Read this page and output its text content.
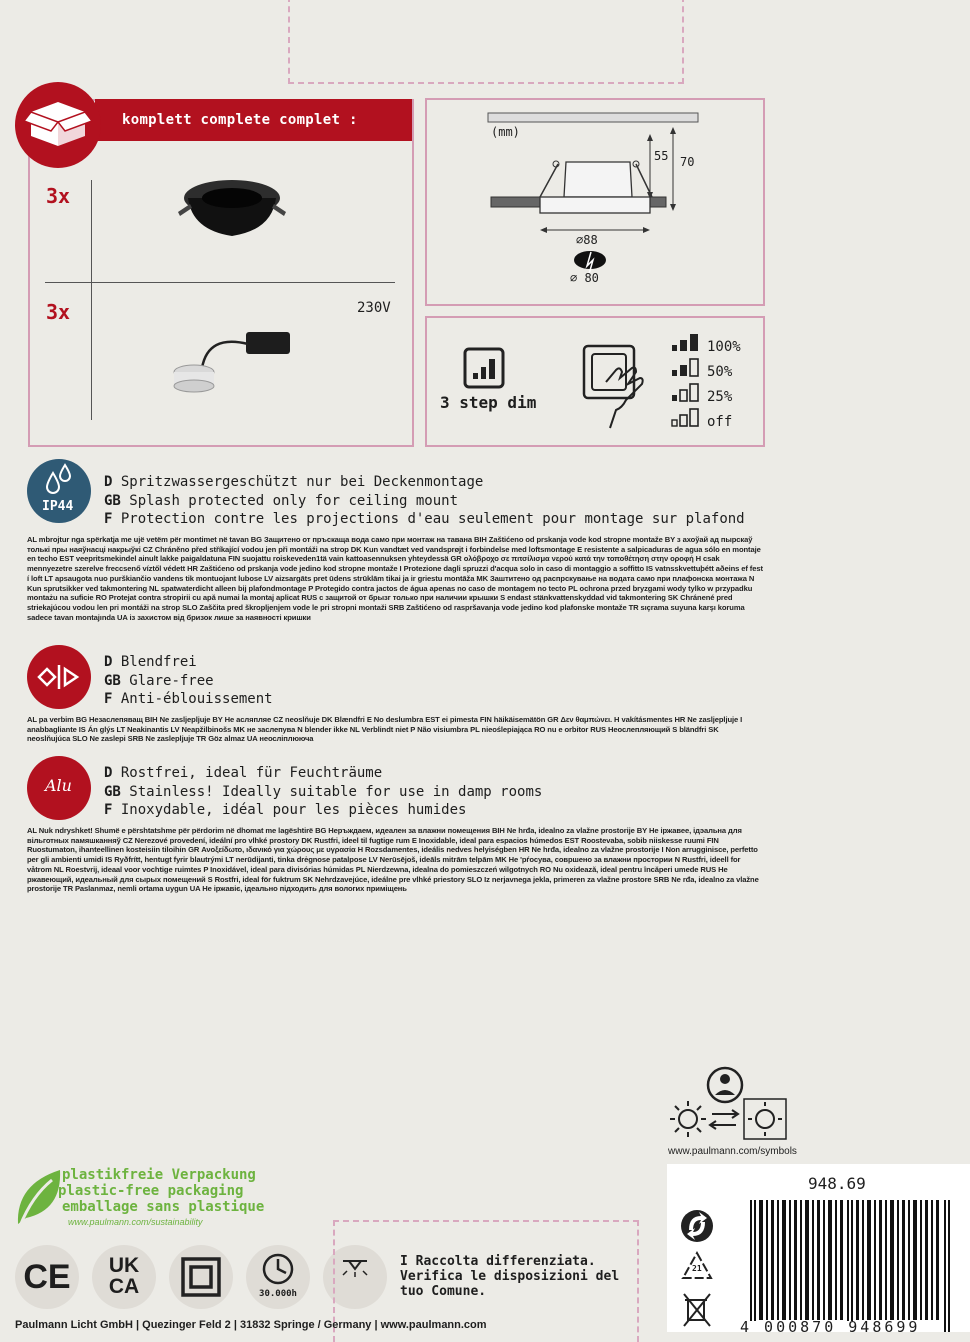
komplett complete complet :
3x
3x	230V
(mm)
55 70
⌀88
⌀ 80
3 step dim
100%
50%
25%
off
IP44
D Spritzwassergeschützt nur bei Deckenmontage
GB Splash protected only for ceiling mount
F Protection contre les projections d'eau seulement pour montage sur plafond
AL mbrojtur nga spërkatja me ujë vetëm për montimet në tavan BG Защитено от пръскаща вода само при монтаж на тавана BIH Zaštićeno od prskanja vode kod stropne montaže BY з ахоўай ад пырскаў толькі пры наяўнасці накрыўкі CZ Chráněno před stříkající vodou jen při montáži na strop DK Kun vandtæt ved vandsprøjt i forbindelse med loftsmontage E resistente a salpicaduras de agua sólo en montaje en techo EST veepritsmekindel ainult lakke paigaldatuna FIN suojattu roiskeveden1tä vain kattoasennuksen yhteydessä GR oλόβροχο σε πιτσίλισμα νερού κατά την τοποθέτηση στην οροφή H csak mennyezetre szerelve freccsenő víztől védett HR Zaštićeno od prskanja vode jedino kod stropne montaže I Protezione dagli spruzzi d'acqua solo in caso di montaggio a soffitto IS vatnsskvettuþétt aðeins ef fest í loft LT apsaugota nuo purškiančio vandens tik montuojant lubose LV aizsargāts pret ūdens strūklām tikai ja ir griestu montāža MK Заштитено од распрскување на водата само при плафонска монтажа N Kun sprutsikker ved takmontering NL spatwaterdicht alleen bij plafondmontage P Protegido contra jactos de água apenas no caso de montagem no tecto PL ochrona przed bryzgami wody tylko w przypadku montażu na suficie RO Protejat contra stropirii cu apă numai la montaj aplicat RUS с защитой от брызг только при наличии крышки S endast stänkvattenskyddad vid takmontering SK Chránené pred striekajúcou vodou len pri montáži na strop SLO Zaščita pred škropljenjem vode le pri stropni montaži SRB Zaštićeno od raspršavanja vode jedino kod plafonske montaže TR sıçrama suyuna karşı koruma sadece tavan montajında UA із захистом від бризок лише за наявності кришки
D Blendfrei
GB Glare-free
F Anti-éblouissement
AL pa verbim BG Незаслепяващ BIH Ne zasljepljuje BY Не асляпляе CZ neoslňuje DK Blændfri E No deslumbra EST ei pimesta FIN häikäisemätön GR Δεν θαμπώνει. H vakításmentes HR Ne zasljepljuje I anabbagliante IS Án glýs LT Neakinantis LV Neapžilbinošs MK не заслепува N blender ikke NL Verblindt niet P Não visiumbra PL nieoślepiająca RO nu e orbitor RUS Неослепляющий S bländfri SK neoslňujúca SLO Ne zaslepi SRB Ne zaslepljuje TR Göz almaz UA неосліплююча
Alu
D Rostfrei, ideal für Feuchträume
GB Stainless! Ideally suitable for use in damp rooms
F Inoxydable, idéal pour les pièces humides
AL Nuk ndryshket! Shumë e përshtatshme për përdorim në dhomat me lagështirë BG Неръждаем, идеален за влажни помещения BIH Ne hrđa, idealno za vlažne prostorije BY Не іржавее, ідэальна для вільготных памяшканняў CZ Nerezové provedení, ideální pro vlhké prostory DK Rustfri, ideel til fugtige rum E Inoxidable, ideal para espacios húmedos EST Roostevaba, sobib niiskesse ruumi FIN Ruostumaton, ihanteellinen kosteisiin tiloihin GR Ανοξείδωτο, ιδανικό για χώρους με υγρασία H Rozsdamentes, ideális nedves helyiségben HR Ne hrđa, idealno za vlažne prostorije I Non arrugginisce, perfetto per gli ambienti umidi IS Ryðfrítt, hentugt fyrir blautrými LT nerūdijanti, tinka drėgnose patalpose LV Nerūsējoš, ideāls mitrām telpām MK Не 'рѓосува, совршено за влажни простории N Rustfri, ideell for våtrom NL Roestvrij, ideaal voor vochtige ruimtes P Inoxidável, ideal para divisórias húmidas PL Nierdzewna, idealna do pomieszczeń wilgotnych RO Nu oxidează, ideal pentru încăperi umede RUS Не ржавеющий, идеальный для сырых помещений S Rostfri, ideal för fuktrum SK Nehrdzavejúce, ideálne pre vlhké priestory SLO Iz nerjavnega jekla, primeren za vlažne prostore SRB Ne rđa, idealno za vlažne prostorije TR Paslanmaz, nemli ortama uygun UA Не іржавіє, ідеально підходить для вологих приміщень
www.paulmann.com/symbols
plastikfreie Verpackung
plastic-free packaging
emballage sans plastique
www.paulmann.com/sustainability
CE	UK
CA	30.000h
I Raccolta differenziata.
Verifica le disposizioni del
tuo Comune.
948.69
21
4 000870 948699
Paulmann Licht GmbH | Quezinger Feld 2 | 31832 Springe / Germany | www.paulmann.com
